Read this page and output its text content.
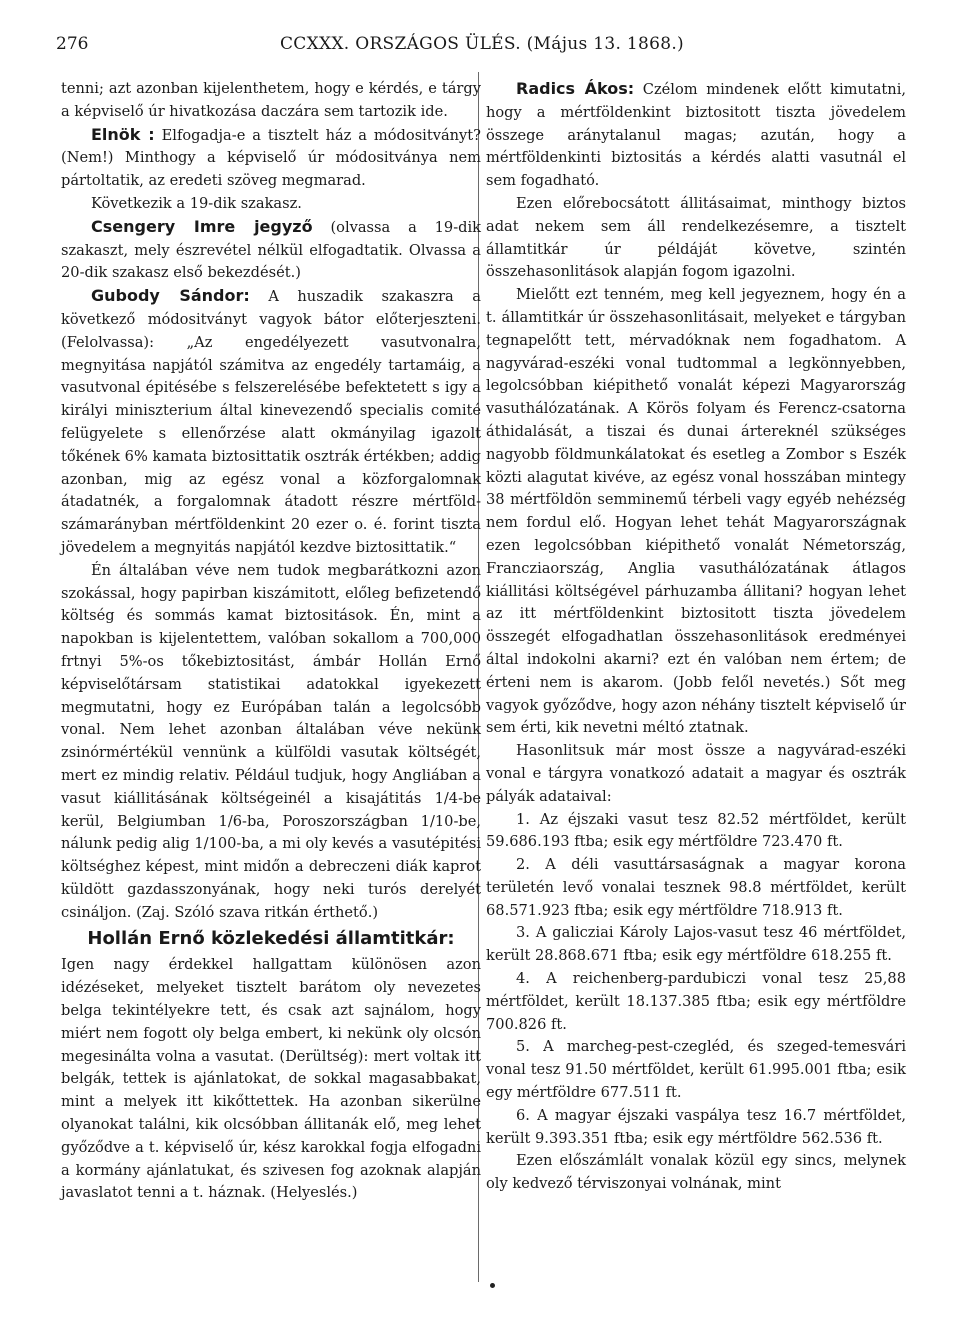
276	CCXXX. ORSZÁGOS ÜLÉS. (Május 13. 1868.)

tenni; azt azonban kijelenthetem, hogy e kérdés, e tárgy a képviselő úr hivatkozása daczára sem tartozik ide.

Elnök : Elfogadja-e a tisztelt ház a módositványt? (Nem!) Minthogy a képviselő úr módositványa nem pártoltatik, az eredeti szöveg megmarad.

Következik a 19-dik szakasz.

Csengery Imre jegyző (olvassa a 19-dik szakaszt, mely észrevétel nélkül elfogadtatik. Olvassa a 20-dik szakasz első bekezdését.)

Gubody Sándor: A huszadik szakaszra a következő módositványt vagyok bátor előterjeszteni. (Felolvassa): „Az engedélyezett vasutvonalra, megnyitása napjától számitva az engedély tartamáig, a vasutvonal épitésébe s felszerelésébe befektetett s igy a királyi miniszterium által kinevezendő specialis comité felügyelete s ellenőrzése alatt okmányilag igazolt tőkének 6% kamata biztosittatik osztrák értékben; addig azonban, mig az egész vonal a közforgalomnak átadatnék, a forgalomnak átadott részre mértföld-számarányban mértföldenkint 20 ezer o. é. forint tiszta jövedelem a megnyitás napjától kezdve biztosittatik.“

Én általában véve nem tudok megbarátkozni azon szokással, hogy papirban kiszámitott, előleg befizetendő költség és sommás kamat biztositások. Én, mint a napokban is kijelentettem, valóban sokallom a 700,000 frtnyi 5%-os tőkebiztositást, ámbár Hollán Ernő képviselőtársam statistikai adatokkal igyekezett megmutatni, hogy ez Európában talán a legolcsóbb vonal. Nem lehet azonban általában véve nekünk zsinórmértékül vennünk a külföldi vasutak költségét, mert ez mindig relativ. Például tudjuk, hogy Angliában a vasut kiállitásának költségeinél a kisajátitás 1/4-be kerül, Belgiumban 1/6-ba, Poroszországban 1/10-be, nálunk pedig alig 1/100-ba, a mi oly kevés a vasutépitési költséghez képest, mint midőn a debreczeni diák kaprot küldött gazdasszonyának, hogy neki turós derelyét csináljon. (Zaj. Szóló szava ritkán érthető.)

Hollán Ernő közlekedési államtitkár:

Igen nagy érdekkel hallgattam különösen azon idézéseket, melyeket tisztelt barátom oly nevezetes belga tekintélyekre tett, és csak azt sajnálom, hogy miért nem fogott oly belga embert, ki nekünk oly olcsón megesinálta volna a vasutat. (Derültség): mert voltak itt belgák, tettek is ajánlatokat, de sokkal magasabbakat, mint a melyek itt kikőttettek. Ha azonban sikerülne olyanokat találni, kik olcsóbban állitanák elő, meg lehet győződve a t. képviselő úr, kész karokkal fogja elfogadni a kormány ajánlatukat, és szivesen fog azoknak alapján javaslatot tenni a t. háznak. (Helyeslés.)

Radics Ákos: Czélom mindenek előtt kimutatni, hogy a mértföldenkint biztositott tiszta jövedelem összege aránytalanul magas; azután, hogy a mértföldenkinti biztositás a kérdés alatti vasutnál el sem fogadható.

Ezen előrebocsátott állitásaimat, minthogy biztos adat nekem sem áll rendelkezésemre, a tisztelt államtitkár úr példáját követve, szintén összehasonlitások alapján fogom igazolni.

Mielőtt ezt tenném, meg kell jegyeznem, hogy én a t. államtitkár úr összehasonlitásait, melyeket e tárgyban tegnapelőtt tett, mérvadóknak nem fogadhatom. A nagyvárad-eszéki vonal tudtommal a legkönnyebben, legolcsóbban kiépithető vonalát képezi Magyarország vasuthálózatának. A Körös folyam és Ferencz-csatorna áthidalását, a tiszai és dunai ártereknél szükséges nagyobb földmunkálatokat és esetleg a Zombor s Eszék közti alagutat kivéve, az egész vonal hosszában mintegy 38 mértföldön semminemű térbeli vagy egyéb nehézség nem fordul elő. Hogyan lehet tehát Magyarországnak ezen legolcsóbban kiépithető vonalát Németország, Francziaország, Anglia vasuthálózatának átlagos kiállitási költségével párhuzamba állitani? hogyan lehet az itt mértföldenkint biztositott tiszta jövedelem összegét elfogadhatlan összehasonlitások eredményei által indokolni akarni? ezt én valóban nem értem; de érteni nem is akarom. (Jobb felől nevetés.) Sőt meg vagyok győződve, hogy azon néhány tisztelt képviselő úr sem érti, kik nevetni méltó ztatnak.

Hasonlitsuk már most össze a nagyvárad-eszéki vonal e tárgyra vonatkozó adatait a magyar és osztrák pályák adataival:

1. Az éjszaki vasut tesz 82.52 mértföldet, került 59.686.193 ftba; esik egy mértföldre 723.470 ft.

2. A déli vasuttársaságnak a magyar korona területén levő vonalai tesznek 98.8 mértföldet, került 68.571.923 ftba; esik egy mértföldre 718.913 ft.

3. A galicziai Károly Lajos-vasut tesz 46 mértföldet, került 28.868.671 ftba; esik egy mértföldre 618.255 ft.

4. A reichenberg-pardubiczi vonal tesz 25,88 mértföldet, került 18.137.385 ftba; esik egy mértföldre 700.826 ft.

5. A marcheg-pest-czegléd, és szeged-temesvári vonal tesz 91.50 mértföldet, került 61.995.001 ftba; esik egy mértföldre 677.511 ft.

6. A magyar éjszaki vaspálya tesz 16.7 mértföldet, került 9.393.351 ftba; esik egy mértföldre 562.536 ft.

Ezen előszámlált vonalak közül egy sincs, melynek oly kedvező térviszonyai volnának, mint
